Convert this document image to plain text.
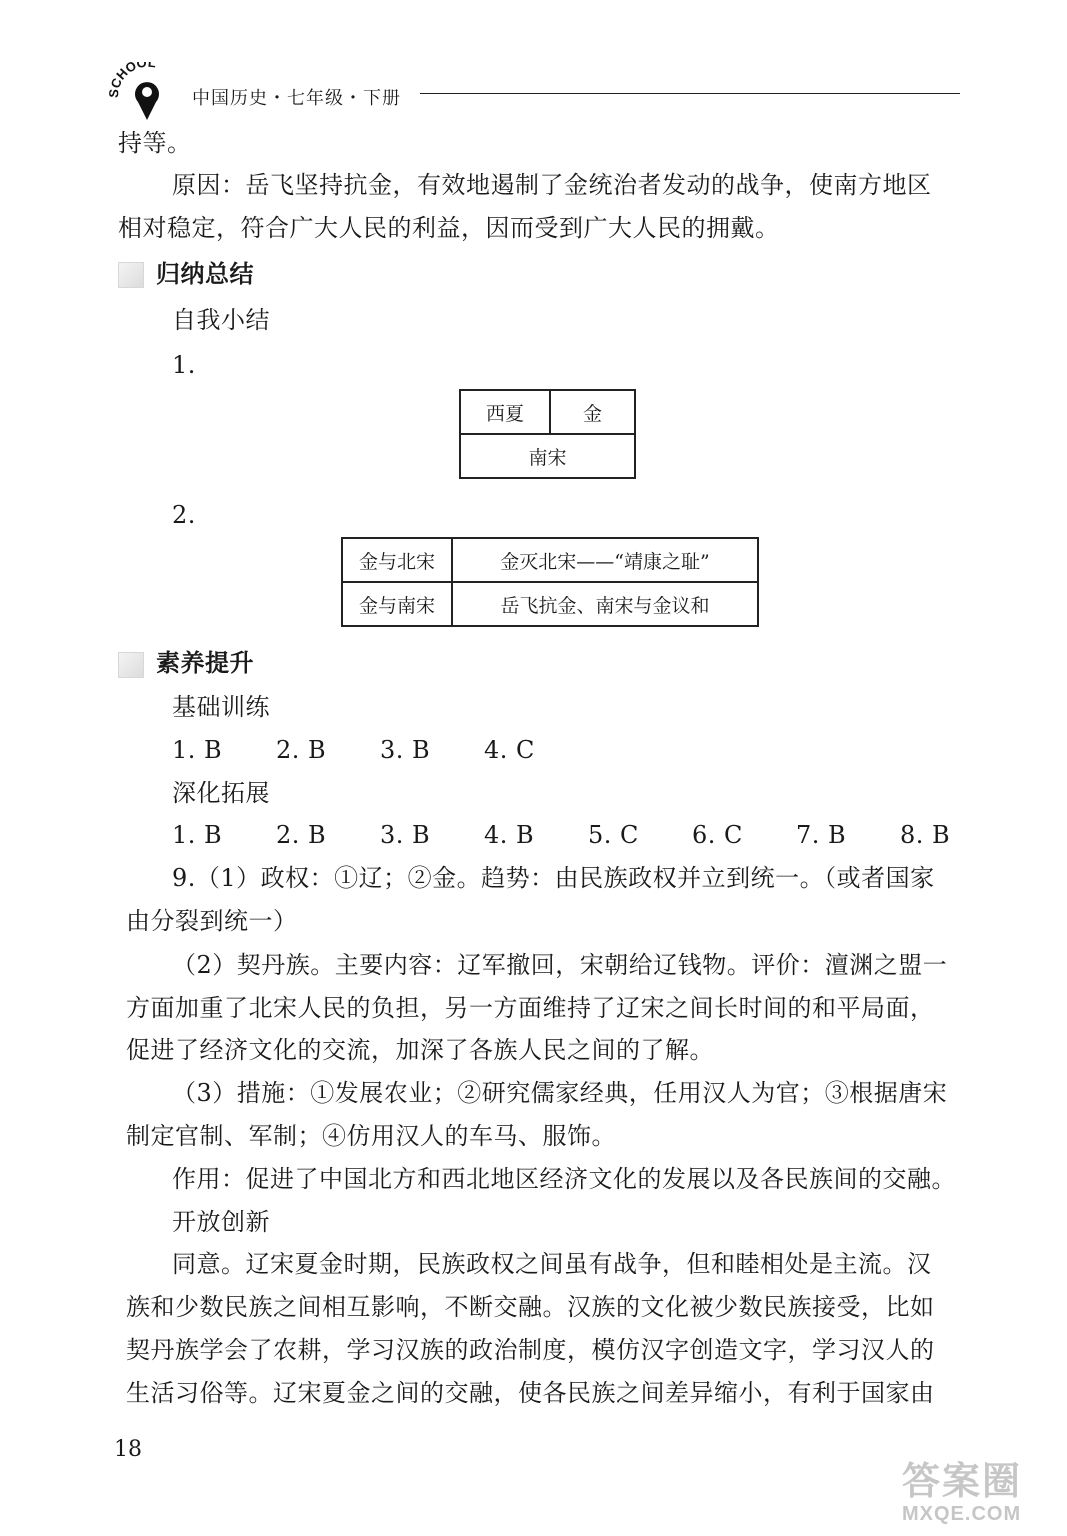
CHOOL
中国历史・七年级・下册
持等。
原因：岳飞坚持抗金，有效地遏制了金统治者发动的战争，使南方地区
相对稳定，符合广大人民的利益，因而受到广大人民的拥戴。
归纳总结
自我小结
1.
西夏	金
南宋
2.
金与北宋	金灭北宋——“靖康之耻”
金与南宋	岳飞抗金、南宋与金议和
素养提升
基础训练
1. B 2. B 3. B 4. C
深化拓展
1. B 2. B 3. B 4. B 5. C 6. C 7. B 8. B
9.（1）政权：①辽；②金。趋势：由民族政权并立到统一。（或者国家
由分裂到统一）
（2）契丹族。主要内容：辽军撤回，宋朝给辽钱物。评价：澶渊之盟一
方面加重了北宋人民的负担，另一方面维持了辽宋之间长时间的和平局面，
促进了经济文化的交流，加深了各族人民之间的了解。
（3）措施：①发展农业；②研究儒家经典，任用汉人为官；③根据唐宋
制定官制、军制；④仿用汉人的车马、服饰。
作用：促进了中国北方和西北地区经济文化的发展以及各民族间的交融。
开放创新
同意。辽宋夏金时期，民族政权之间虽有战争，但和睦相处是主流。汉
族和少数民族之间相互影响，不断交融。汉族的文化被少数民族接受，比如
契丹族学会了农耕，学习汉族的政治制度，模仿汉字创造文字，学习汉人的
生活习俗等。辽宋夏金之间的交融，使各民族之间差异缩小，有利于国家由
18
答案圈
MXQE.COM
